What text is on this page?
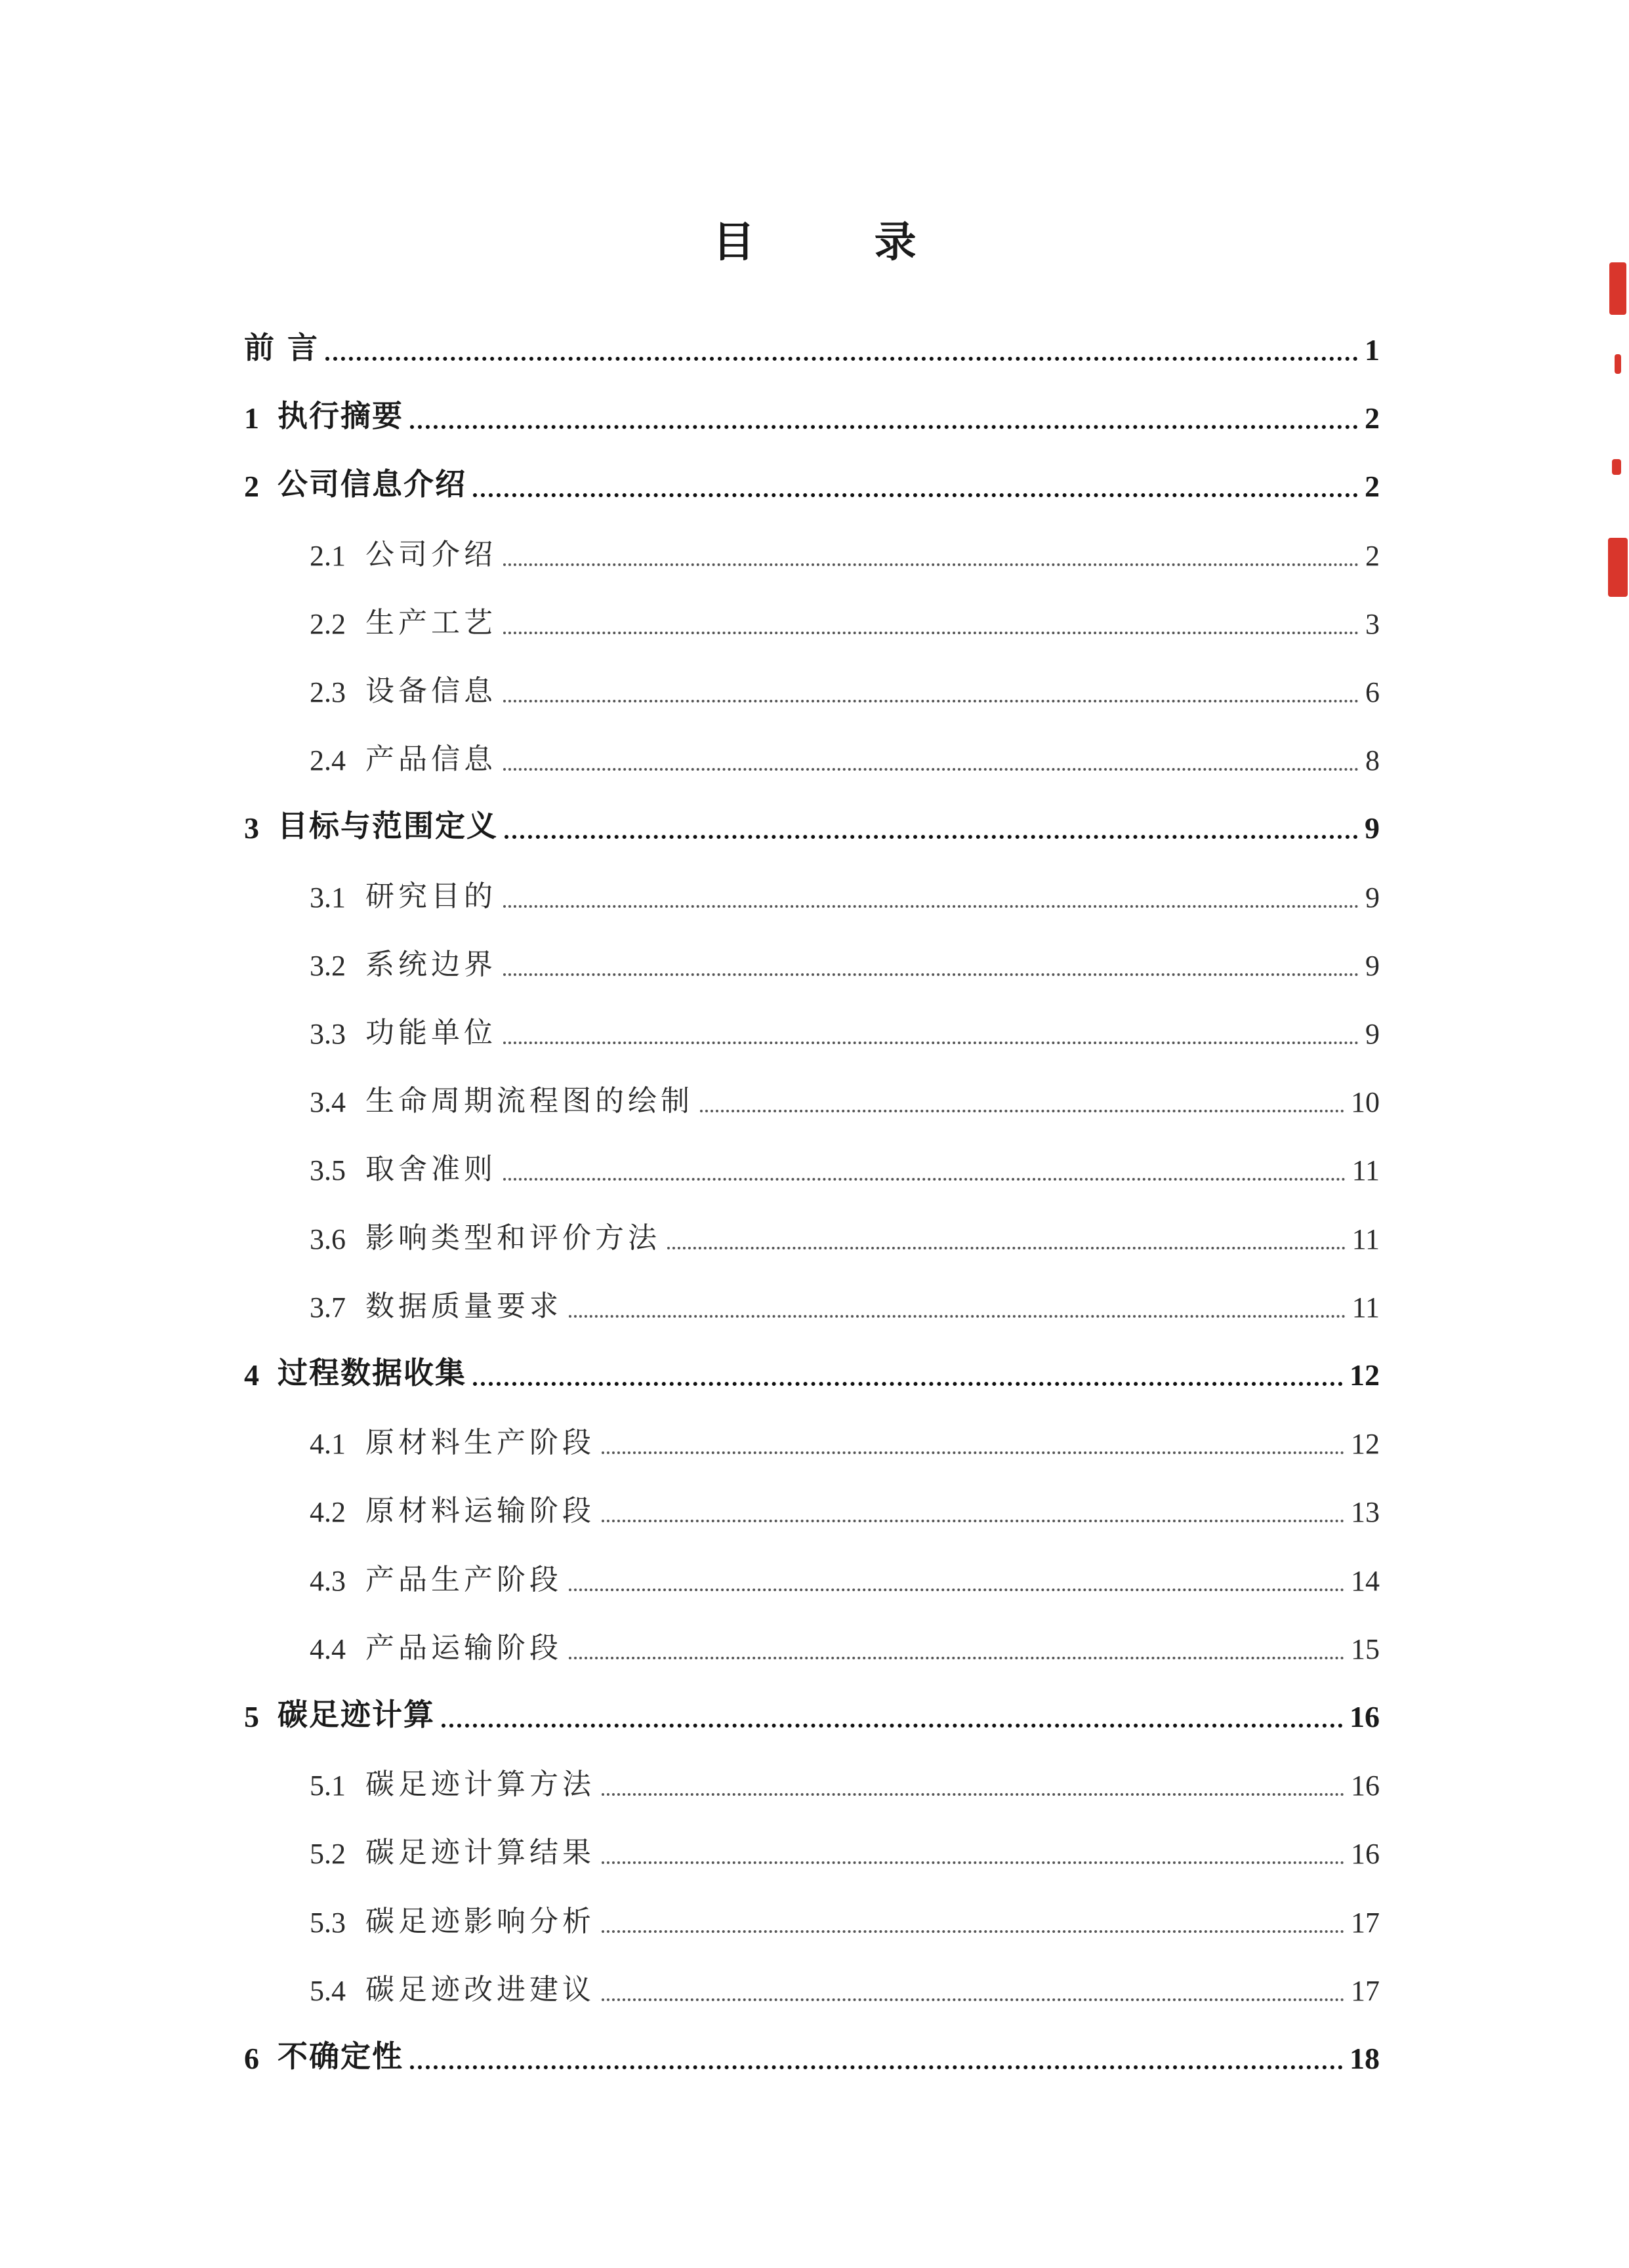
目 录
前 言	1
1 执行摘要	2
2 公司信息介绍	2
2.1 公司介绍	2
2.2 生产工艺	3
2.3 设备信息	6
2.4 产品信息	8
3 目标与范围定义	9
3.1 研究目的	9
3.2 系统边界	9
3.3 功能单位	9
3.4 生命周期流程图的绘制	10
3.5 取舍准则	11
3.6 影响类型和评价方法	11
3.7 数据质量要求	11
4 过程数据收集	12
4.1 原材料生产阶段	12
4.2 原材料运输阶段	13
4.3 产品生产阶段	14
4.4 产品运输阶段	15
5 碳足迹计算	16
5.1 碳足迹计算方法	16
5.2 碳足迹计算结果	16
5.3 碳足迹影响分析	17
5.4 碳足迹改进建议	17
6 不确定性	18
